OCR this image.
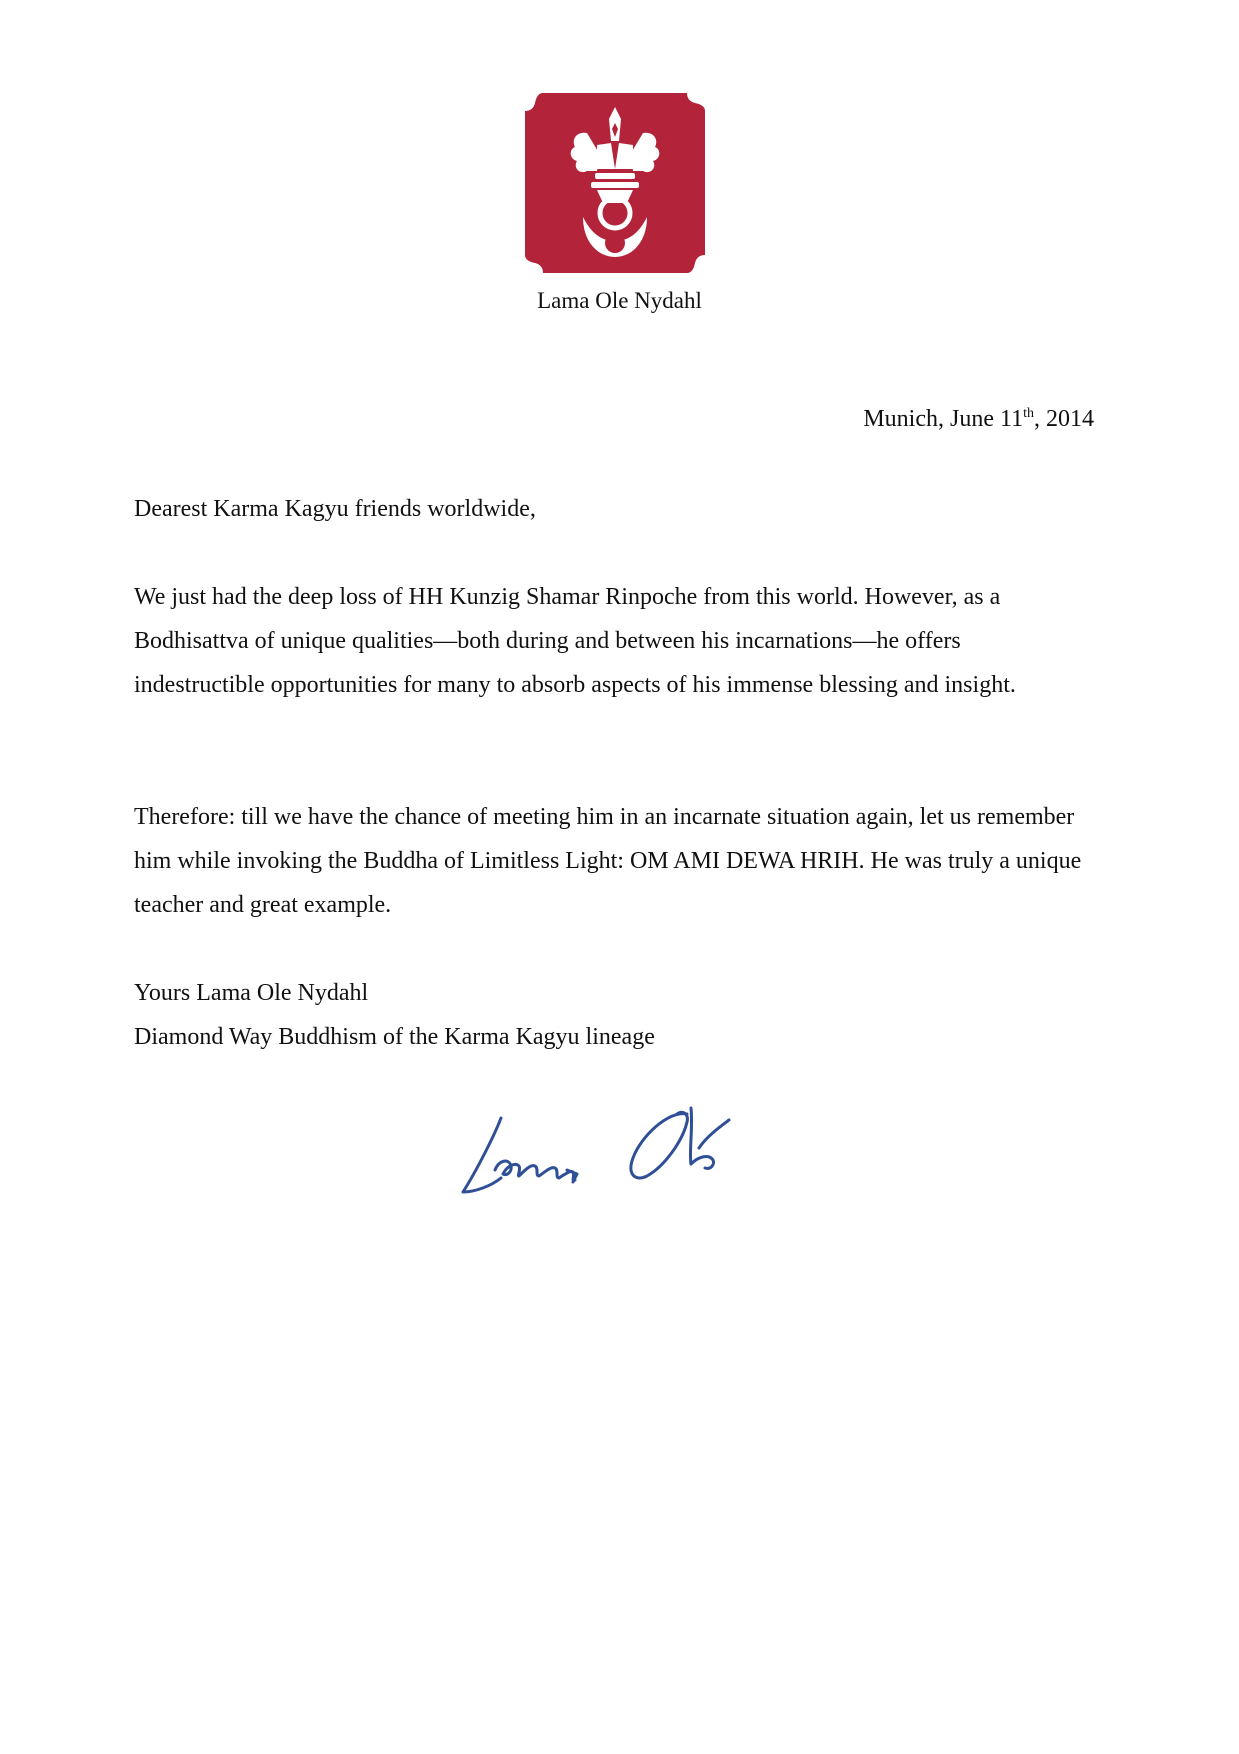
Lama Ole Nydahl
Munich, June 11th, 2014

Dearest Karma Kagyu friends worldwide,

We just had the deep loss of HH Kunzig Shamar Rinpoche from this world. However, as a Bodhisattva of unique qualities—both during and between his incarnations—he offers indestructible opportunities for many to absorb aspects of his immense blessing and insight.

Therefore: till we have the chance of meeting him in an incarnate situation again, let us remember him while invoking the Buddha of Limitless Light: OM AMI DEWA HRIH. He was truly a unique teacher and great example.

Yours Lama Ole Nydahl
Diamond Way Buddhism of the Karma Kagyu lineage
